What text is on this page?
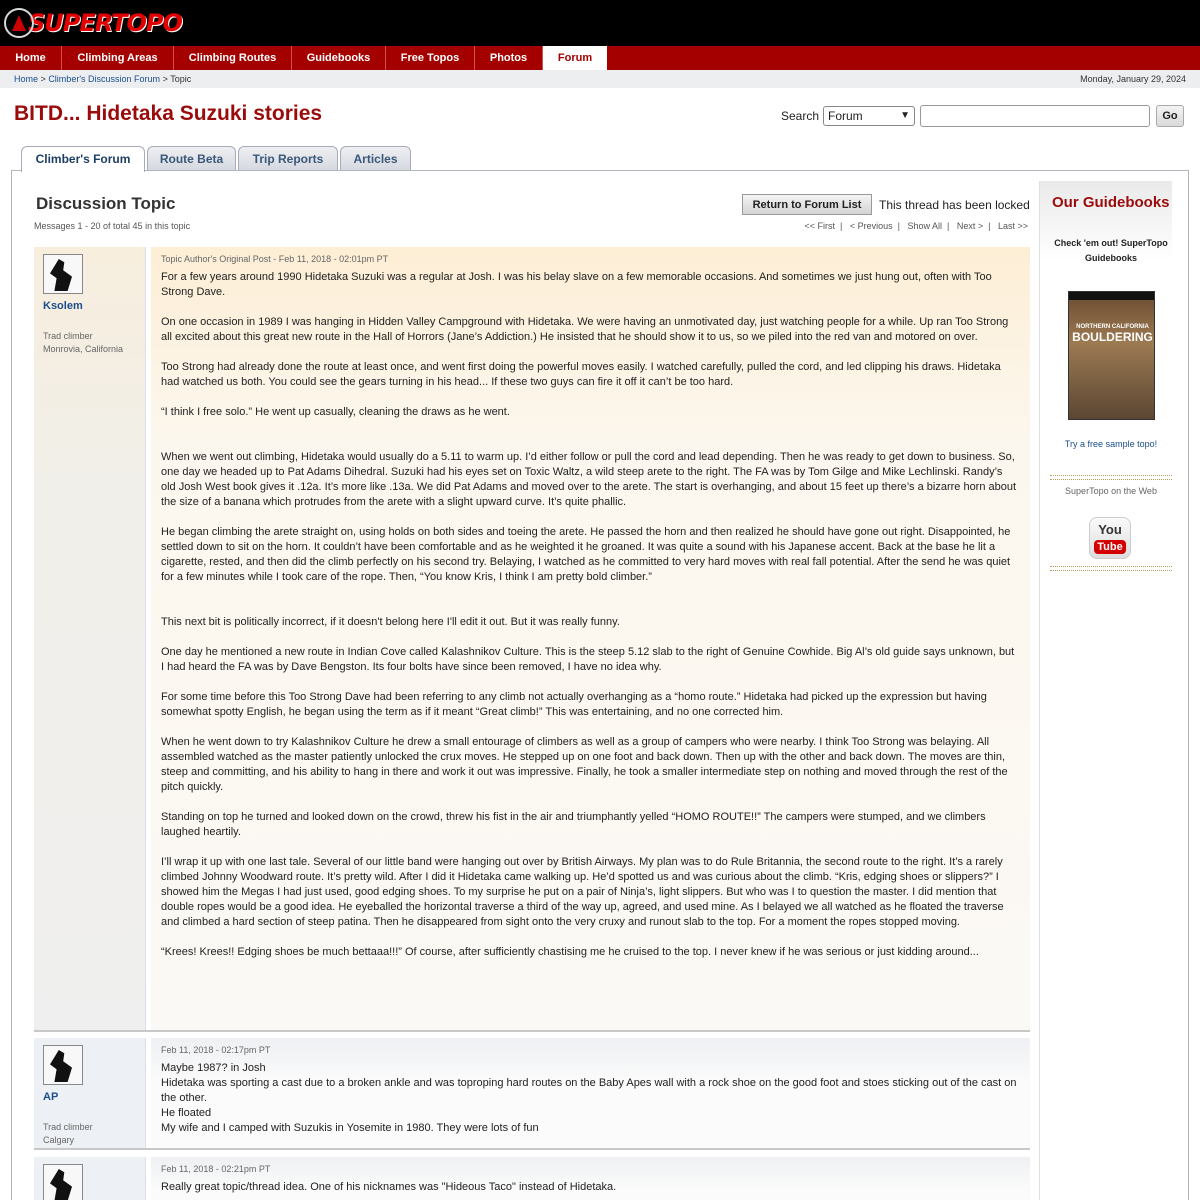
SUPERTOPO
Home	Climbing Areas	Climbing Routes	Guidebooks	Free Topos	Photos	Forum
Home > Climber's Discussion Forum > Topic	Monday, January 29, 2024
BITD... Hidetaka Suzuki stories	Search Forum	▼	Go
Climber's Forum	Route Beta	Trip Reports	Articles
Discussion Topic
Messages 1 - 20 of total 45 in this topic
Return to Forum List	This thread has been locked
<< First | < Previous | Show All | Next > | Last >>
Ksolem
Trad climber
Monrovia, California
Topic Author's Original Post - Feb 11, 2018 - 02:01pm PT

For a few years around 1990 Hidetaka Suzuki was a regular at Josh. I was his belay slave on a few memorable occasions. And sometimes we just hung out, often with Too Strong Dave.

On one occasion in 1989 I was hanging in Hidden Valley Campground with Hidetaka. We were having an unmotivated day, just watching people for a while. Up ran Too Strong all excited about this great new route in the Hall of Horrors (Jane’s Addiction.) He insisted that he should show it to us, so we piled into the red van and motored on over.

Too Strong had already done the route at least once, and went first doing the powerful moves easily. I watched carefully, pulled the cord, and led clipping his draws. Hidetaka had watched us both. You could see the gears turning in his head... If these two guys can fire it off it can’t be too hard.

“I think I free solo.” He went up casually, cleaning the draws as he went.

When we went out climbing, Hidetaka would usually do a 5.11 to warm up. I’d either follow or pull the cord and lead depending. Then he was ready to get down to business. So, one day we headed up to Pat Adams Dihedral. Suzuki had his eyes set on Toxic Waltz, a wild steep arete to the right. The FA was by Tom Gilge and Mike Lechlinski. Randy’s old Josh West book gives it .12a. It’s more like .13a. We did Pat Adams and moved over to the arete. The start is overhanging, and about 15 feet up there’s a bizarre horn about the size of a banana which protrudes from the arete with a slight upward curve. It’s quite phallic.

He began climbing the arete straight on, using holds on both sides and toeing the arete. He passed the horn and then realized he should have gone out right. Disappointed, he settled down to sit on the horn. It couldn’t have been comfortable and as he weighted it he groaned. It was quite a sound with his Japanese accent. Back at the base he lit a cigarette, rested, and then did the climb perfectly on his second try. Belaying, I watched as he committed to very hard moves with real fall potential. After the send he was quiet for a few minutes while I took care of the rope. Then, “You know Kris, I think I am pretty bold climber.”

This next bit is politically incorrect, if it doesn't belong here I'll edit it out. But it was really funny.

One day he mentioned a new route in Indian Cove called Kalashnikov Culture. This is the steep 5.12 slab to the right of Genuine Cowhide. Big Al’s old guide says unknown, but I had heard the FA was by Dave Bengston. Its four bolts have since been removed, I have no idea why.

For some time before this Too Strong Dave had been referring to any climb not actually overhanging as a “homo route.” Hidetaka had picked up the expression but having somewhat spotty English, he began using the term as if it meant “Great climb!” This was entertaining, and no one corrected him.

When he went down to try Kalashnikov Culture he drew a small entourage of climbers as well as a group of campers who were nearby. I think Too Strong was belaying. All assembled watched as the master patiently unlocked the crux moves. He stepped up on one foot and back down. Then up with the other and back down. The moves are thin, steep and committing, and his ability to hang in there and work it out was impressive. Finally, he took a smaller intermediate step on nothing and moved through the rest of the pitch quickly.

Standing on top he turned and looked down on the crowd, threw his fist in the air and triumphantly yelled “HOMO ROUTE!!” The campers were stumped, and we climbers laughed heartily.

I’ll wrap it up with one last tale. Several of our little band were hanging out over by British Airways. My plan was to do Rule Britannia, the second route to the right. It’s a rarely climbed Johnny Woodward route. It’s pretty wild. After I did it Hidetaka came walking up. He’d spotted us and was curious about the climb. “Kris, edging shoes or slippers?” I showed him the Megas I had just used, good edging shoes. To my surprise he put on a pair of Ninja’s, light slippers. But who was I to question the master. I did mention that double ropes would be a good idea. He eyeballed the horizontal traverse a third of the way up, agreed, and used mine. As I belayed we all watched as he floated the traverse and climbed a hard section of steep patina. Then he disappeared from sight onto the very cruxy and runout slab to the top. For a moment the ropes stopped moving.

“Krees! Krees!! Edging shoes be much bettaaa!!!” Of course, after sufficiently chastising me he cruised to the top. I never knew if he was serious or just kidding around...

AP
Trad climber
Calgary
Feb 11, 2018 - 02:17pm PT
Maybe 1987? in Josh
Hidetaka was sporting a cast due to a broken ankle and was toproping hard routes on the Baby Apes wall with a rock shoe on the good foot and stoes sticking out of the cast on the other.
He floated
My wife and I camped with Suzukis in Yosemite in 1980. They were lots of fun
Feb 11, 2018 - 02:21pm PT
Really great topic/thread idea. One of his nicknames was "Hideous Taco" instead of Hidetaka.
Our Guidebooks
Check 'em out! SuperTopo Guidebooks
NORTHERN CALIFORNIA
BOULDERING
Try a free sample topo!
SuperTopo on the Web
You
Tube
